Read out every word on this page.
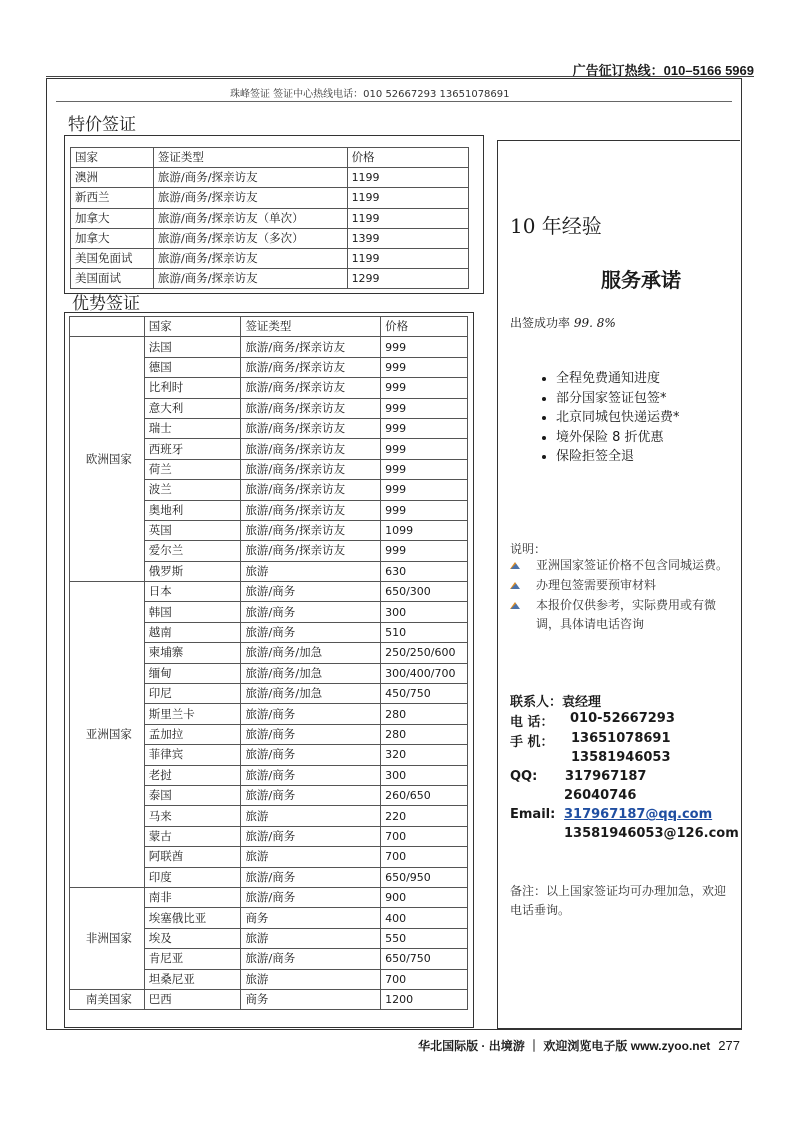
广告征订热线：010–5166 5969
珠峰签证 签证中心热线电话：010 52667293 13651078691
特价签证
国家	签证类型	价格
澳洲	旅游/商务/探亲访友	1199
新西兰	旅游/商务/探亲访友	1199
加拿大	旅游/商务/探亲访友（单次）	1199
加拿大	旅游/商务/探亲访友（多次）	1399
美国免面试	旅游/商务/探亲访友	1199
美国面试	旅游/商务/探亲访友	1299
优势签证
	国家	签证类型	价格
欧洲国家	法国	旅游/商务/探亲访友	999
	德国	旅游/商务/探亲访友	999
	比利时	旅游/商务/探亲访友	999
	意大利	旅游/商务/探亲访友	999
	瑞士	旅游/商务/探亲访友	999
	西班牙	旅游/商务/探亲访友	999
	荷兰	旅游/商务/探亲访友	999
	波兰	旅游/商务/探亲访友	999
	奥地利	旅游/商务/探亲访友	999
	英国	旅游/商务/探亲访友	1099
	爱尔兰	旅游/商务/探亲访友	999
	俄罗斯	旅游	630
亚洲国家	日本	旅游/商务	650/300
	韩国	旅游/商务	300
	越南	旅游/商务	510
	柬埔寨	旅游/商务/加急	250/250/600
	缅甸	旅游/商务/加急	300/400/700
	印尼	旅游/商务/加急	450/750
	斯里兰卡	旅游/商务	280
	孟加拉	旅游/商务	280
	菲律宾	旅游/商务	320
	老挝	旅游/商务	300
	泰国	旅游/商务	260/650
	马来	旅游	220
	蒙古	旅游/商务	700
	阿联酋	旅游	700
	印度	旅游/商务	650/950
非洲国家	南非	旅游/商务	900
	埃塞俄比亚	商务	400
	埃及	旅游	550
	肯尼亚	旅游/商务	650/750
	坦桑尼亚	旅游	700
南美国家	巴西	商务	1200
10 年经验
服务承诺
出签成功率 99. 8%
• 全程免费通知进度
• 部分国家签证包签*
• 北京同城包快递运费*
• 境外保险 8 折优惠
• 保险拒签全退
说明：
亚洲国家签证价格不包含同城运费。
办理包签需要预审材料
本报价仅供参考，实际费用或有微调，具体请电话咨询
联系人：袁经理
电 话： 010-52667293
手 机： 13651078691
13581946053
QQ: 317967187
26040746
Email: 317967187@qq.com
13581946053@126.com
备注：以上国家签证均可办理加急，欢迎电话垂询。
华北国际版 · 出境游 ｜ 欢迎浏览电子版 www.zyoo.net 277
